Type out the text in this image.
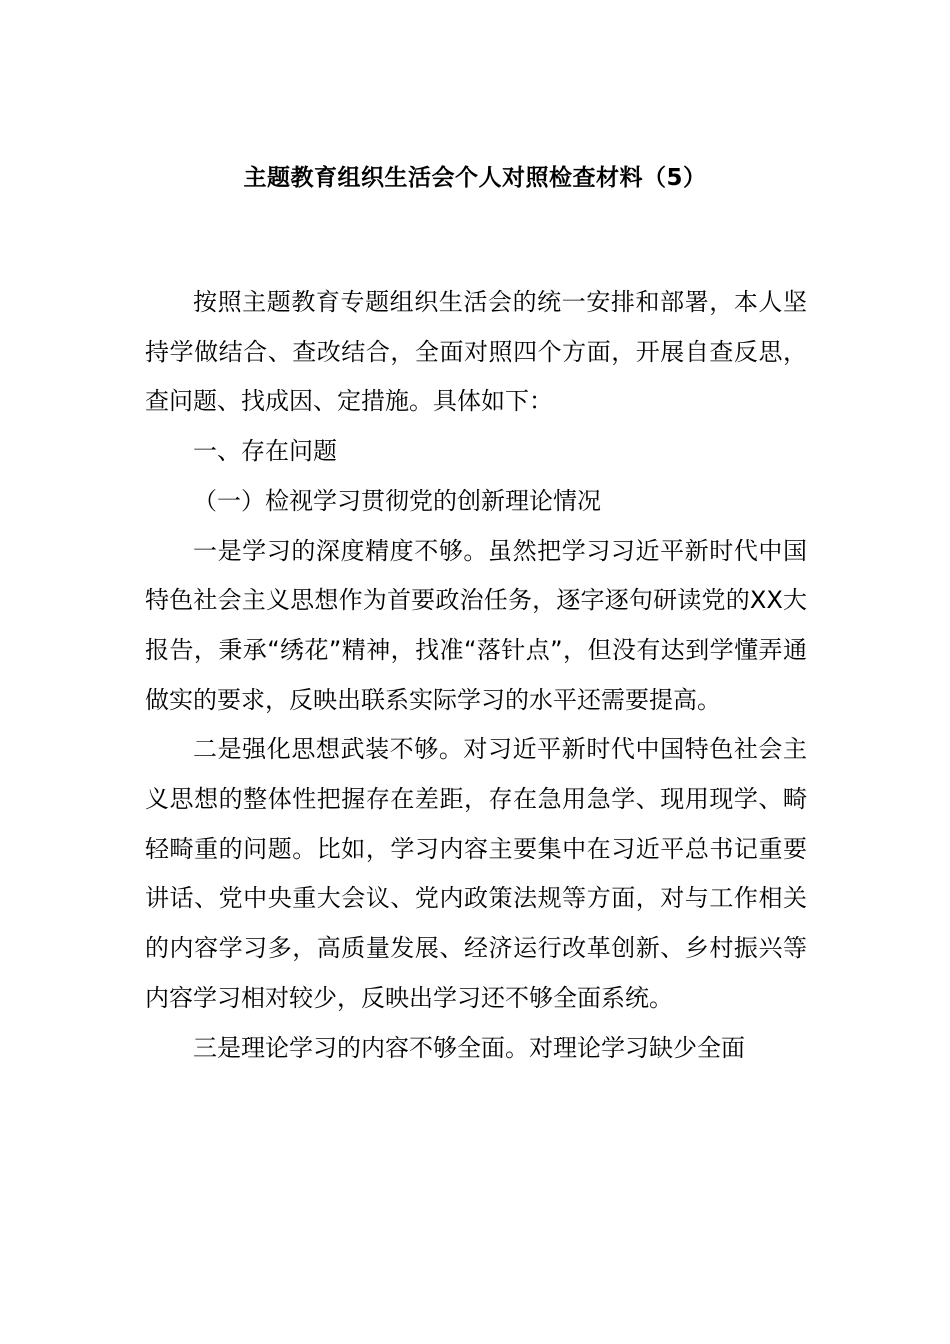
主题教育组织生活会个人对照检查材料（5）

按照主题教育专题组织生活会的统一安排和部署，本人坚持学做结合、查改结合，全面对照四个方面，开展自查反思，查问题、找成因、定措施。具体如下：

一、存在问题

（一）检视学习贯彻党的创新理论情况

一是学习的深度精度不够。虽然把学习习近平新时代中国特色社会主义思想作为首要政治任务，逐字逐句研读党的XX大报告，秉承“绣花”精神，找准“落针点”，但没有达到学懂弄通做实的要求，反映出联系实际学习的水平还需要提高。

二是强化思想武装不够。对习近平新时代中国特色社会主义思想的整体性把握存在差距，存在急用急学、现用现学、畸轻畸重的问题。比如，学习内容主要集中在习近平总书记重要讲话、党中央重大会议、党内政策法规等方面，对与工作相关的内容学习多，高质量发展、经济运行改革创新、乡村振兴等内容学习相对较少，反映出学习还不够全面系统。

三是理论学习的内容不够全面。对理论学习缺少全面
